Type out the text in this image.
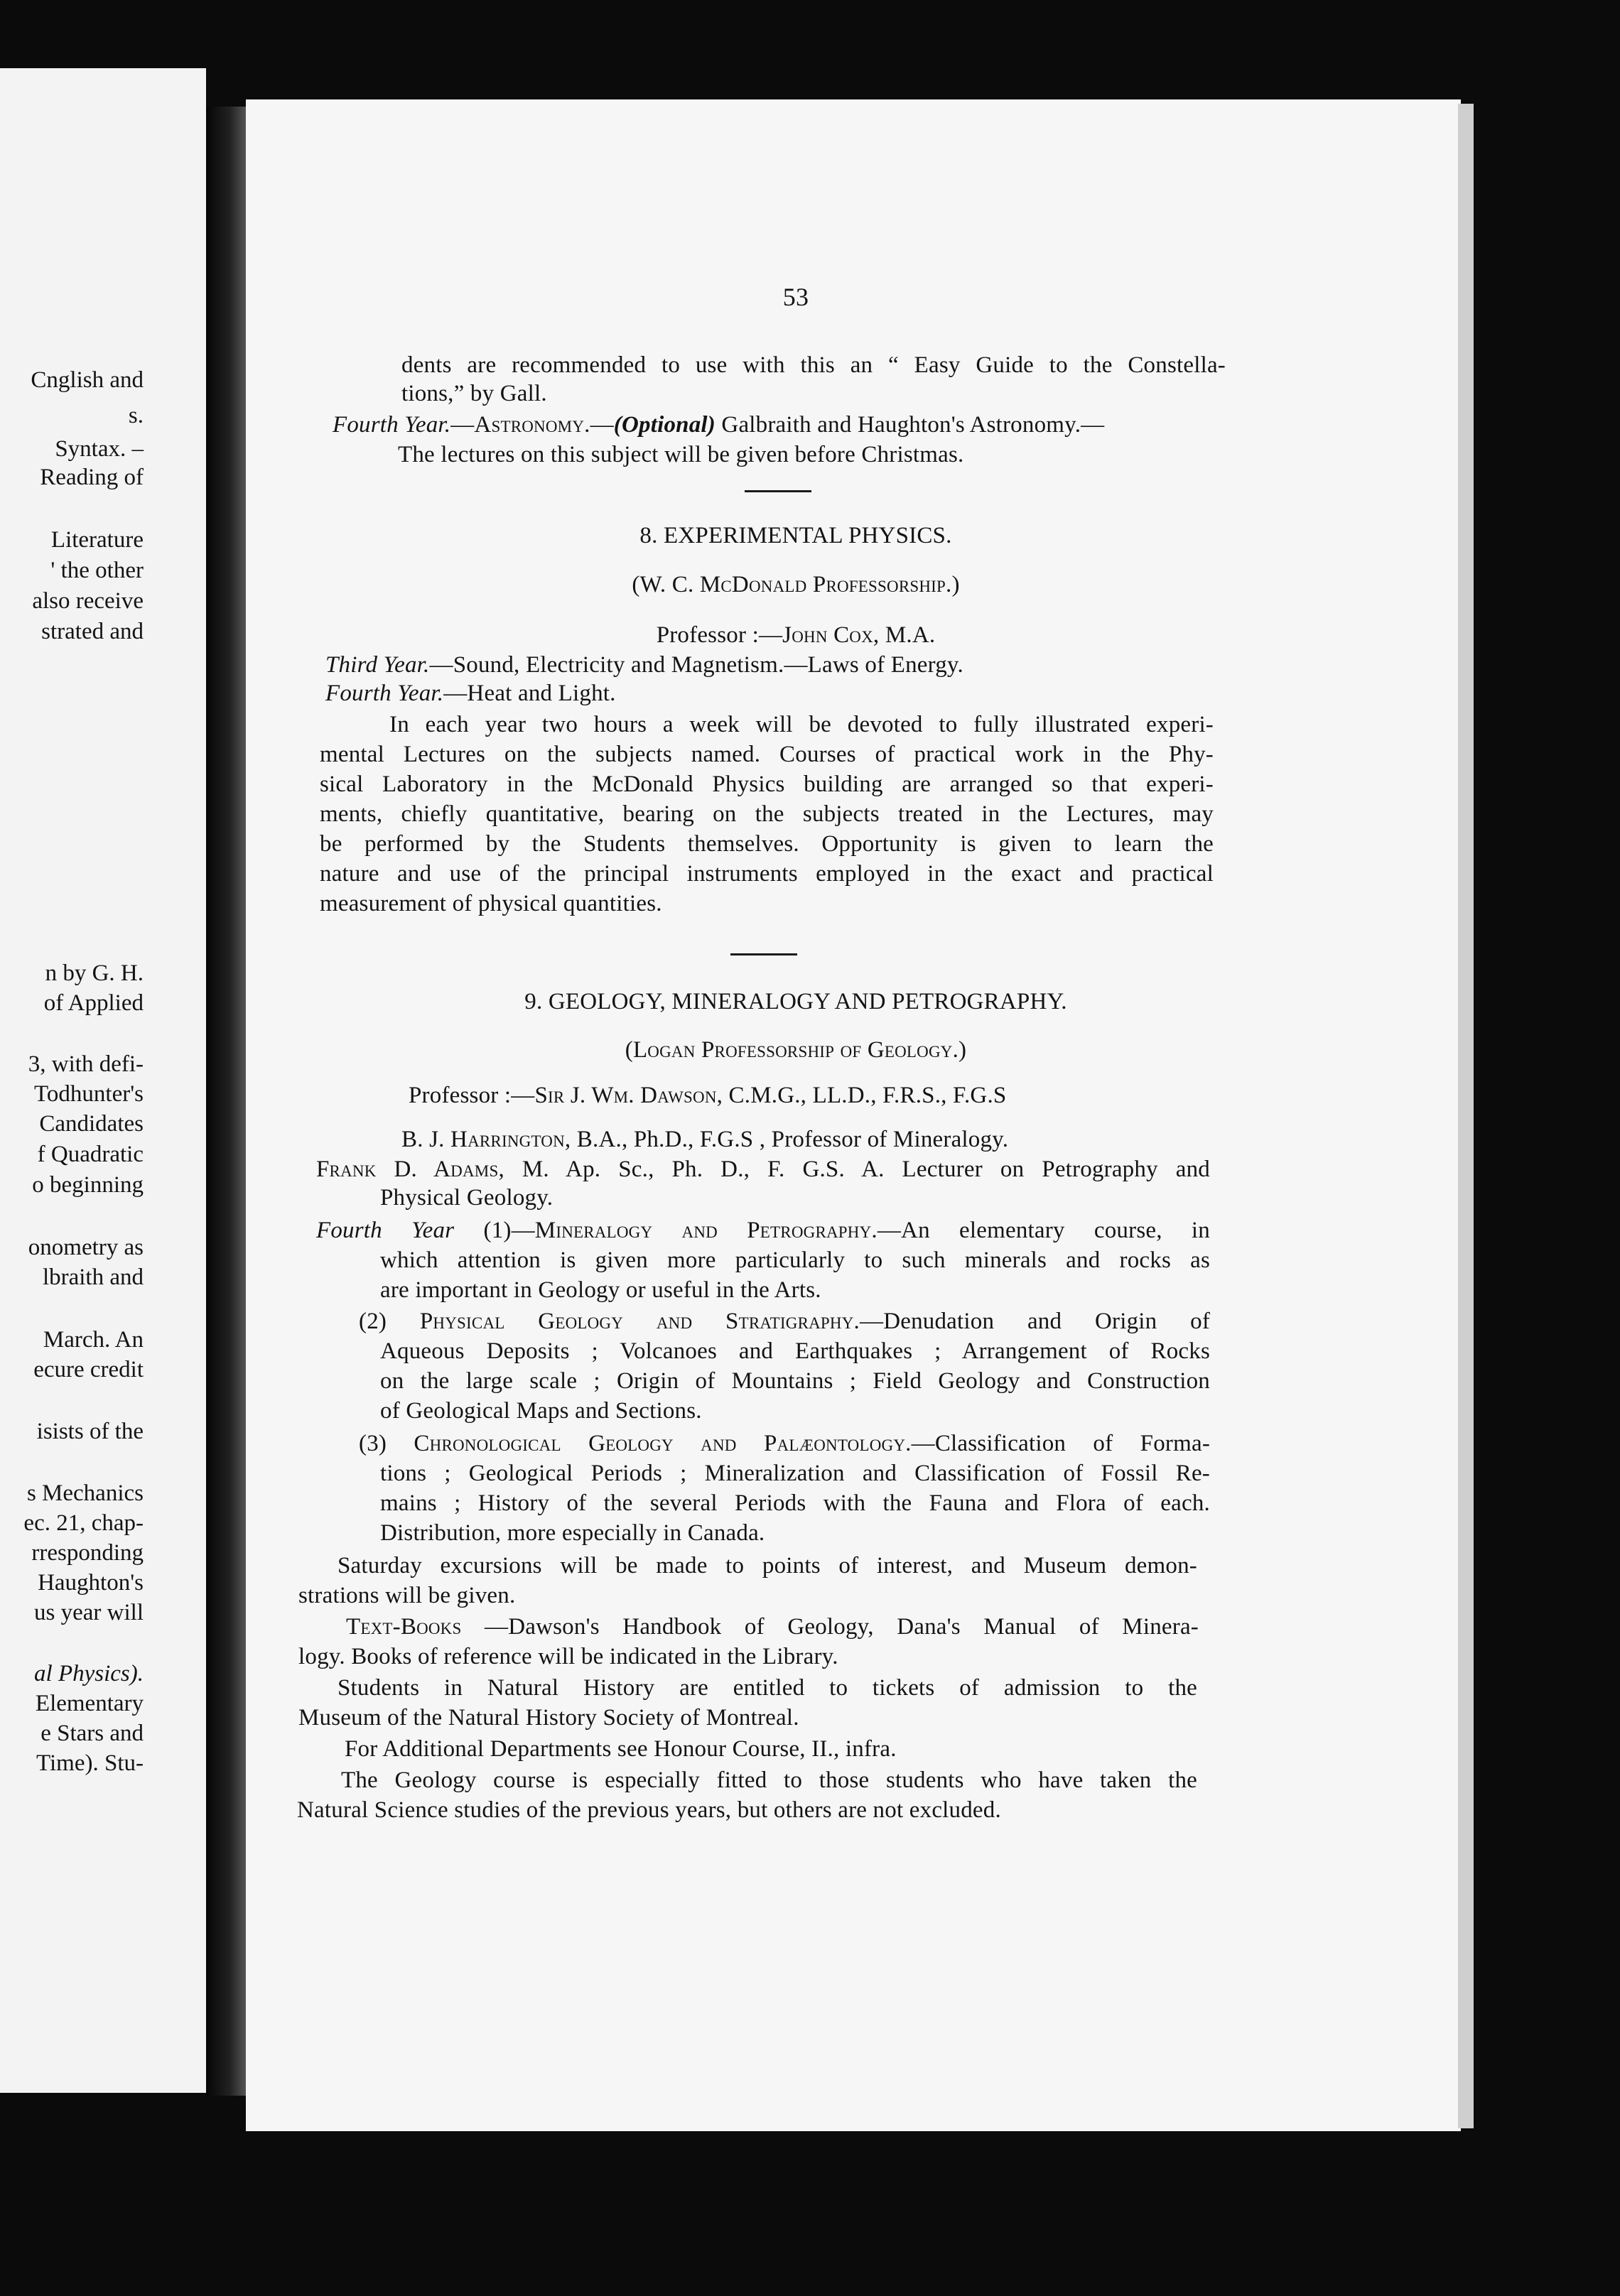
Cnglish and
s.
Syntax. –
Reading of
Literature
' the other
also receive
strated and
n by G. H.
of Applied
3, with defi-
Todhunter's
Candidates
f Quadratic
o beginning
onometry as
lbraith and
March. An
ecure credit
isists of the
s Mechanics
ec. 21, chap-
rresponding
Haughton's
us year will
al Physics).
Elementary
e Stars and
Time). Stu-
53
dents are recommended to use with this an “ Easy Guide to the Constella-
tions,” by Gall.
Fourth Year.—Astronomy.—(Optional) Galbraith and Haughton's Astronomy.—
The lectures on this subject will be given before Christmas.
8. EXPERIMENTAL PHYSICS.
(W. C. McDonald Professorship.)
Professor :—John Cox, M.A.
Third Year.—Sound, Electricity and Magnetism.—Laws of Energy.
Fourth Year.—Heat and Light.
In each year two hours a week will be devoted to fully illustrated experi-
mental Lectures on the subjects named. Courses of practical work in the Phy-
sical Laboratory in the McDonald Physics building are arranged so that experi-
ments, chiefly quantitative, bearing on the subjects treated in the Lectures, may
be performed by the Students themselves. Opportunity is given to learn the
nature and use of the principal instruments employed in the exact and practical
measurement of physical quantities.
9. GEOLOGY, MINERALOGY AND PETROGRAPHY.
(Logan Professorship of Geology.)
Professor :—Sir J. Wm. Dawson, C.M.G., LL.D., F.R.S., F.G.S
B. J. Harrington, B.A., Ph.D., F.G.S , Professor of Mineralogy.
Frank D. Adams, M. Ap. Sc., Ph. D., F. G.S. A. Lecturer on Petrography and
Physical Geology.
Fourth Year (1)—Mineralogy and Petrography.—An elementary course, in
which attention is given more particularly to such minerals and rocks as
are important in Geology or useful in the Arts.
(2) Physical Geology and Stratigraphy.—Denudation and Origin of
Aqueous Deposits ; Volcanoes and Earthquakes ; Arrangement of Rocks
on the large scale ; Origin of Mountains ; Field Geology and Construction
of Geological Maps and Sections.
(3) Chronological Geology and Palæontology.—Classification of Forma-
tions ; Geological Periods ; Mineralization and Classification of Fossil Re-
mains ; History of the several Periods with the Fauna and Flora of each.
Distribution, more especially in Canada.
Saturday excursions will be made to points of interest, and Museum demon-
strations will be given.
Text-Books —Dawson's Handbook of Geology, Dana's Manual of Minera-
logy. Books of reference will be indicated in the Library.
Students in Natural History are entitled to tickets of admission to the
Museum of the Natural History Society of Montreal.
For Additional Departments see Honour Course, II., infra.
The Geology course is especially fitted to those students who have taken the
Natural Science studies of the previous years, but others are not excluded.
